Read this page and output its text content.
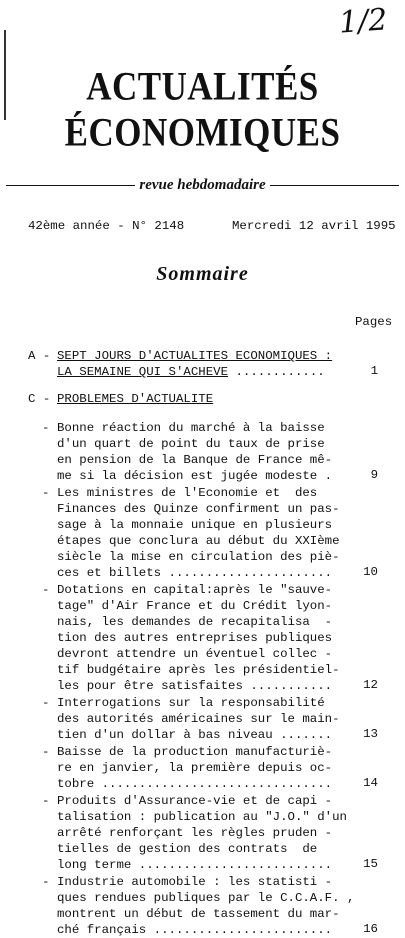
1/2
ACTUALITÉS
ÉCONOMIQUES
revue hebdomadaire
42ème année - N° 2148	Mercredi 12 avril 1995
Sommaire
Pages
A - SEPT JOURS D'ACTUALITES ECONOMIQUES :
LA SEMAINE QUI S'ACHEVE ............	1
C - PROBLEMES D'ACTUALITE
- Bonne réaction du marché à la baisse
d'un quart de point du taux de prise
en pension de la Banque de France mê-
me si la décision est jugée modeste .	9
- Les ministres de l'Economie et  des
Finances des Quinze confirment un pas-
sage à la monnaie unique en plusieurs
étapes que conclura au début du XXIème
siècle la mise en circulation des piè-
ces et billets ......................	10
- Dotations en capital:après le "sauve-
tage" d'Air France et du Crédit lyon-
nais, les demandes de recapitalisa  -
tion des autres entreprises publiques
devront attendre un éventuel collec -
tif budgétaire après les présidentiel-
les pour être satisfaites ...........	12
- Interrogations sur la responsabilité
des autorités américaines sur le main-
tien d'un dollar à bas niveau .......	13
- Baisse de la production manufacturiè-
re en janvier, la première depuis oc-
tobre ...............................	14
- Produits d'Assurance-vie et de capi -
talisation : publication au "J.O." d'un
arrêté renforçant les règles pruden -
tielles de gestion des contrats  de
long terme ..........................	15
- Industrie automobile : les statisti -
ques rendues publiques par le C.C.A.F. ,
montrent un début de tassement du mar-
ché français ........................	16
